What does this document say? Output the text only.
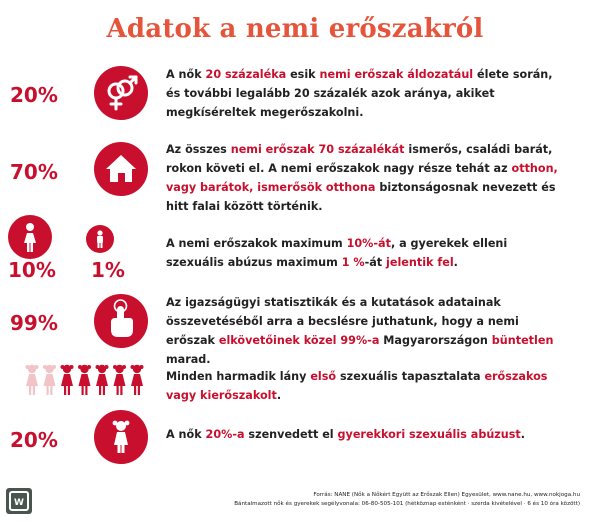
Adatok a nemi erőszakról
20%
A nők 20 százaléka esik nemi erőszak áldozatául élete során, és további legalább 20 százalék azok aránya, akiket megkíséreltek megerőszakolni.
70%
Az összes nemi erőszak 70 százalékát ismerős, családi barát, rokon követi el. A nemi erőszakok nagy része tehát az otthon, vagy barátok, ismerősök otthona biztonságosnak nevezett és hitt falai között történik.
10% 1%
A nemi erőszakok maximum 10%-át, a gyerekek elleni szexuális abúzus maximum 1 %-át jelentik fel.
99%
Az igazságügyi statisztikák és a kutatások adatainak összevetéséből arra a becslésre juthatunk, hogy a nemi erőszak elkövetőinek közel 99%-a Magyarországon büntetlen marad.
Minden harmadik lány első szexuális tapasztalata erőszakos vagy kierőszakolt.
20%	A nők 20%-a szenvedett el gyerekkori szexuális abúzust.
W
Forrás: NANE (Nők a Nőkért Együtt az Erőszak Ellen) Egyesület, www.nane.hu, www.nokjoga.hu
Bántalmazott nők és gyerekek segélyvonala: 06-80-505-101 (hétköznap esténként · szerda kivételével · 6 és 10 óra között)
